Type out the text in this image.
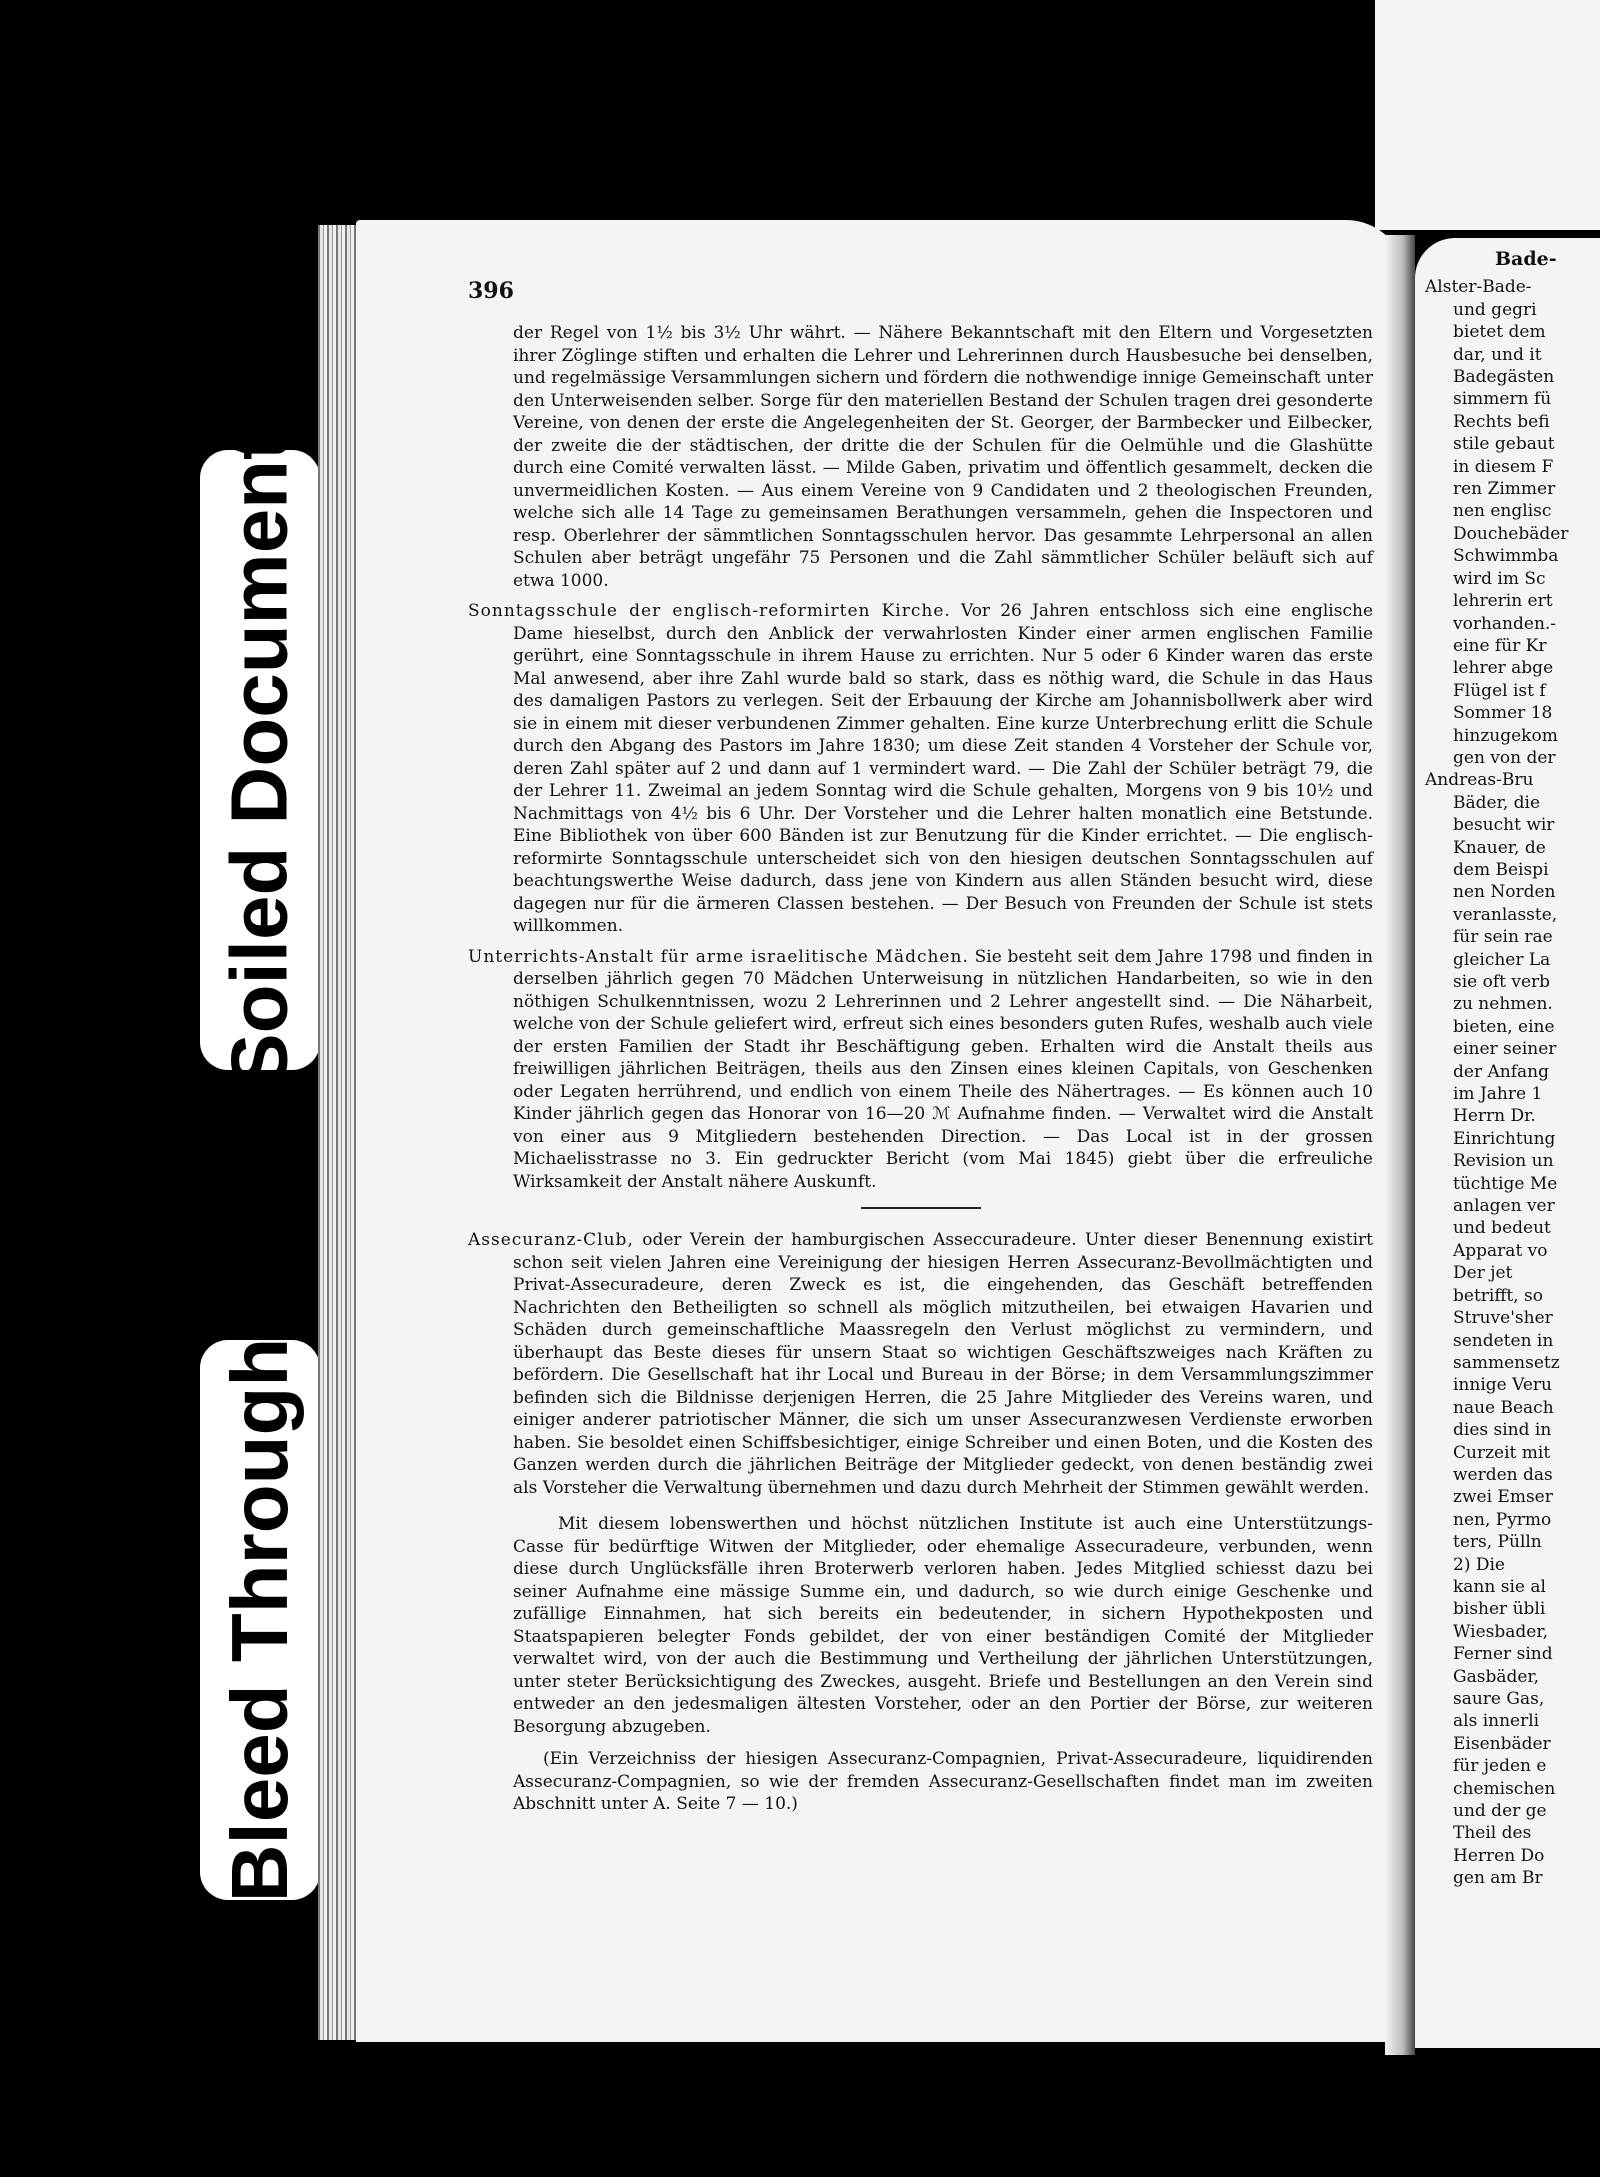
Soiled Document
Bleed Through
Bade-
Alster-Bade-
und gegri
bietet dem
dar, und it
Badegästen
simmern fü
Rechts befi
stile gebaut
in diesem F
ren Zimmer
nen englisc
Douchebäder
Schwimmba
wird im Sc
lehrerin ert
vorhanden.-
eine für Kr
lehrer abge
Flügel ist f
Sommer 18
hinzugekom
gen von der
Andreas-Bru
Bäder, die
besucht wir
Knauer, de
dem Beispi
nen Norden
veranlasste,
für sein rae
gleicher La
sie oft verb
zu nehmen.
bieten, eine
einer seiner
der Anfang
im Jahre 1
Herrn Dr.
Einrichtung
Revision un
tüchtige Me
anlagen ver
und bedeut
Apparat vo
Der jet
betrifft, so
Struve'sher
sendeten in
sammensetz
innige Veru
naue Beach
dies sind in
Curzeit mit
werden das
zwei Emser
nen, Pyrmo
ters, Pülln
2) Die
kann sie al
bisher übli
Wiesbader,
Ferner sind
Gasbäder,
saure Gas,
als innerli
Eisenbäder
für jeden e
chemischen
und der ge
Theil des
Herren Do
gen am Br
396

der Regel von 1½ bis 3½ Uhr währt. — Nähere Bekanntschaft mit den Eltern und Vorgesetzten ihrer Zöglinge stiften und erhalten die Lehrer und Lehrerinnen durch Hausbesuche bei denselben, und regelmässige Versammlungen sichern und fördern die nothwendige innige Gemeinschaft unter den Unterweisenden selber. Sorge für den materiellen Bestand der Schulen tragen drei gesonderte Vereine, von denen der erste die Angelegenheiten der St. Georger, der Barmbecker und Eilbecker, der zweite die der städtischen, der dritte die der Schulen für die Oelmühle und die Glashütte durch eine Comité verwalten lässt. — Milde Gaben, privatim und öffentlich gesammelt, decken die unvermeidlichen Kosten. — Aus einem Vereine von 9 Candidaten und 2 theologischen Freunden, welche sich alle 14 Tage zu gemeinsamen Berathungen versammeln, gehen die Inspectoren und resp. Oberlehrer der sämmtlichen Sonntagsschulen hervor. Das gesammte Lehrpersonal an allen Schulen aber beträgt ungefähr 75 Personen und die Zahl sämmtlicher Schüler beläuft sich auf etwa 1000.

Sonntagsschule der englisch-reformirten Kirche. Vor 26 Jahren entschloss sich eine englische Dame hieselbst, durch den Anblick der verwahrlosten Kinder einer armen englischen Familie gerührt, eine Sonntagsschule in ihrem Hause zu errichten. Nur 5 oder 6 Kinder waren das erste Mal anwesend, aber ihre Zahl wurde bald so stark, dass es nöthig ward, die Schule in das Haus des damaligen Pastors zu verlegen. Seit der Erbauung der Kirche am Johannisbollwerk aber wird sie in einem mit dieser verbundenen Zimmer gehalten. Eine kurze Unterbrechung erlitt die Schule durch den Abgang des Pastors im Jahre 1830; um diese Zeit standen 4 Vorsteher der Schule vor, deren Zahl später auf 2 und dann auf 1 vermindert ward. — Die Zahl der Schüler beträgt 79, die der Lehrer 11. Zweimal an jedem Sonntag wird die Schule gehalten, Morgens von 9 bis 10½ und Nachmittags von 4½ bis 6 Uhr. Der Vorsteher und die Lehrer halten monatlich eine Betstunde. Eine Bibliothek von über 600 Bänden ist zur Benutzung für die Kinder errichtet. — Die englisch-reformirte Sonntagsschule unterscheidet sich von den hiesigen deutschen Sonntagsschulen auf beachtungswerthe Weise dadurch, dass jene von Kindern aus allen Ständen besucht wird, diese dagegen nur für die ärmeren Classen bestehen. — Der Besuch von Freunden der Schule ist stets willkommen.

Unterrichts-Anstalt für arme israelitische Mädchen. Sie besteht seit dem Jahre 1798 und finden in derselben jährlich gegen 70 Mädchen Unterweisung in nützlichen Handarbeiten, so wie in den nöthigen Schulkenntnissen, wozu 2 Lehrerinnen und 2 Lehrer angestellt sind. — Die Näharbeit, welche von der Schule geliefert wird, erfreut sich eines besonders guten Rufes, weshalb auch viele der ersten Familien der Stadt ihr Beschäftigung geben. Erhalten wird die Anstalt theils aus freiwilligen jährlichen Beiträgen, theils aus den Zinsen eines kleinen Capitals, von Geschenken oder Legaten herrührend, und endlich von einem Theile des Nähertrages. — Es können auch 10 Kinder jährlich gegen das Honorar von 16—20 ℳ Aufnahme finden. — Verwaltet wird die Anstalt von einer aus 9 Mitgliedern bestehenden Direction. — Das Local ist in der grossen Michaelisstrasse no 3. Ein gedruckter Bericht (vom Mai 1845) giebt über die erfreuliche Wirksamkeit der Anstalt nähere Auskunft.

Assecuranz-Club, oder Verein der hamburgischen Asseccuradeure. Unter dieser Benennung existirt schon seit vielen Jahren eine Vereinigung der hiesigen Herren Assecuranz-Bevollmächtigten und Privat-Assecuradeure, deren Zweck es ist, die eingehenden, das Geschäft betreffenden Nachrichten den Betheiligten so schnell als möglich mitzutheilen, bei etwaigen Havarien und Schäden durch gemeinschaftliche Maassregeln den Verlust möglichst zu vermindern, und überhaupt das Beste dieses für unsern Staat so wichtigen Geschäftszweiges nach Kräften zu befördern. Die Gesellschaft hat ihr Local und Bureau in der Börse; in dem Versammlungszimmer befinden sich die Bildnisse derjenigen Herren, die 25 Jahre Mitglieder des Vereins waren, und einiger anderer patriotischer Männer, die sich um unser Assecuranzwesen Verdienste erworben haben. Sie besoldet einen Schiffsbesichtiger, einige Schreiber und einen Boten, und die Kosten des Ganzen werden durch die jährlichen Beiträge der Mitglieder gedeckt, von denen beständig zwei als Vorsteher die Verwaltung übernehmen und dazu durch Mehrheit der Stimmen gewählt werden.

Mit diesem lobenswerthen und höchst nützlichen Institute ist auch eine Unterstützungs-Casse für bedürftige Witwen der Mitglieder, oder ehemalige Assecuradeure, verbunden, wenn diese durch Unglücksfälle ihren Broterwerb verloren haben. Jedes Mitglied schiesst dazu bei seiner Aufnahme eine mässige Summe ein, und dadurch, so wie durch einige Geschenke und zufällige Einnahmen, hat sich bereits ein bedeutender, in sichern Hypothekposten und Staatspapieren belegter Fonds gebildet, der von einer beständigen Comité der Mitglieder verwaltet wird, von der auch die Bestimmung und Vertheilung der jährlichen Unterstützungen, unter steter Berücksichtigung des Zweckes, ausgeht. Briefe und Bestellungen an den Verein sind entweder an den jedesmaligen ältesten Vorsteher, oder an den Portier der Börse, zur weiteren Besorgung abzugeben.

(Ein Verzeichniss der hiesigen Assecuranz-Compagnien, Privat-Assecuradeure, liquidirenden Assecuranz-Compagnien, so wie der fremden Assecuranz-Gesellschaften findet man im zweiten Abschnitt unter A. Seite 7 — 10.)
